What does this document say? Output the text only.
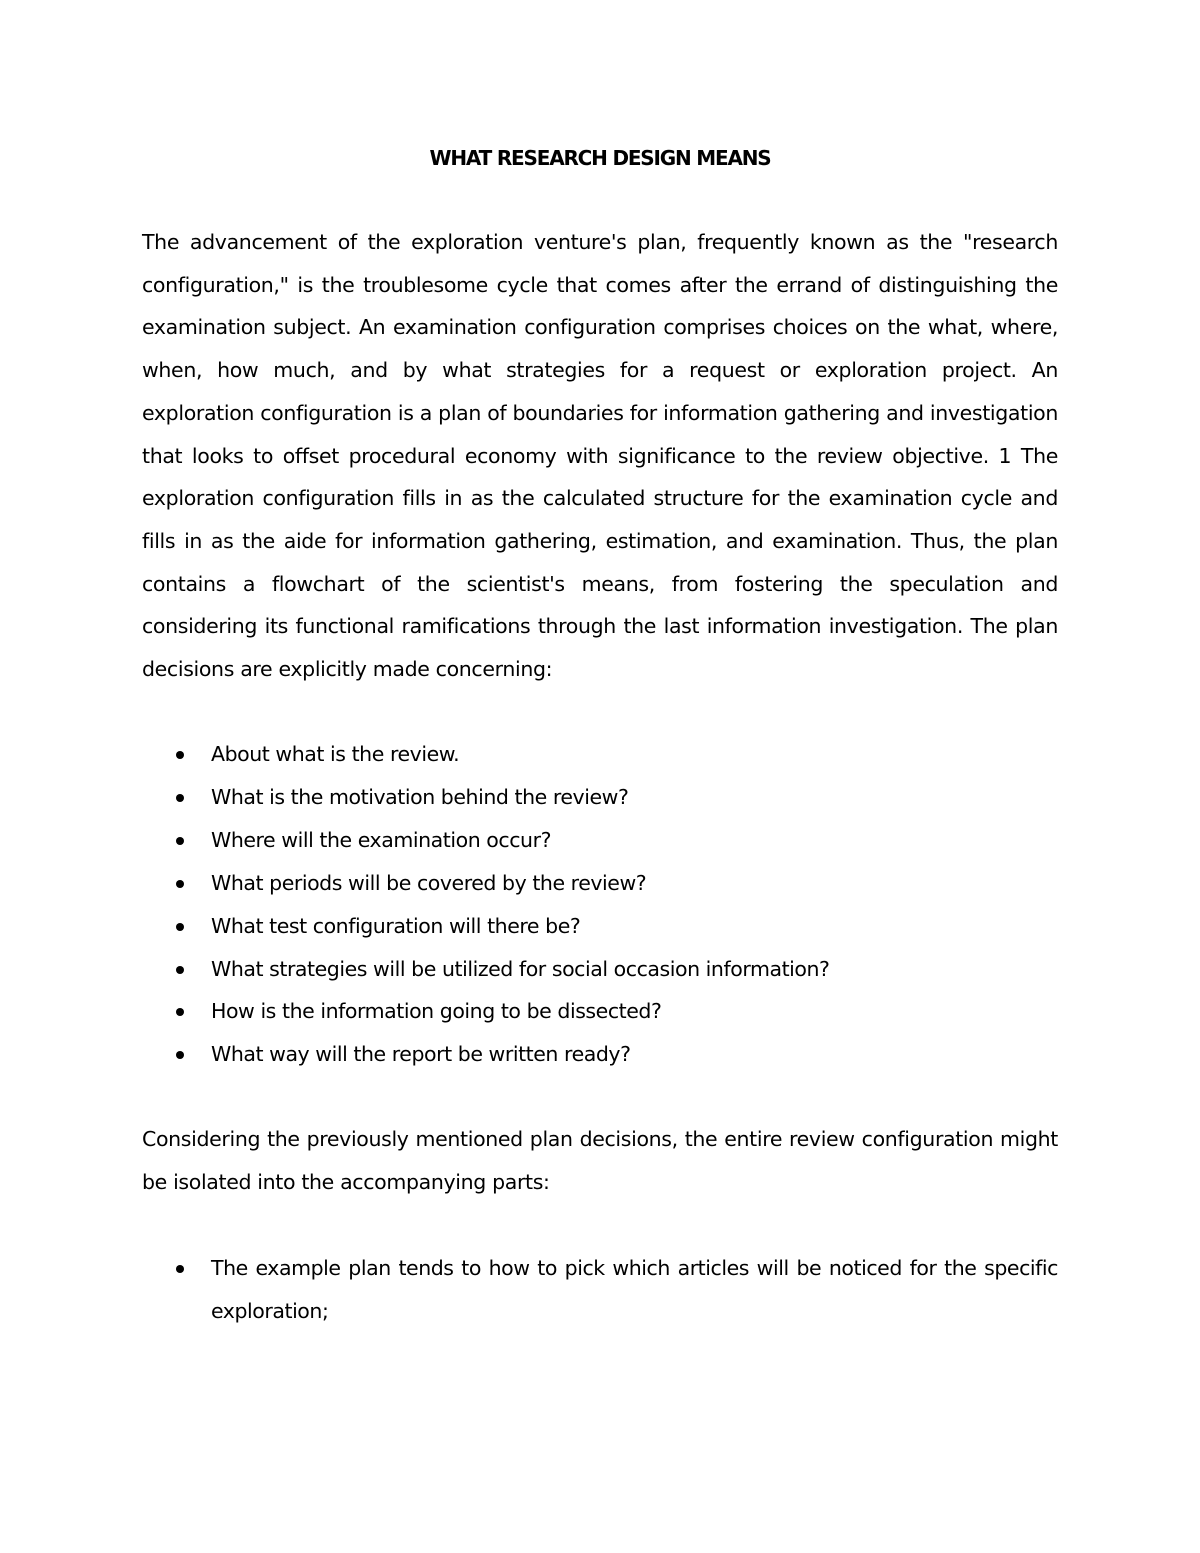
WHAT RESEARCH DESIGN MEANS

The advancement of the exploration venture's plan, frequently known as the "research configuration," is the troublesome cycle that comes after the errand of distinguishing the examination subject. An examination configuration comprises choices on the what, where, when, how much, and by what strategies for a request or exploration project. An exploration configuration is a plan of boundaries for information gathering and investigation that looks to offset procedural economy with significance to the review objective. 1 The exploration configuration fills in as the calculated structure for the examination cycle and fills in as the aide for information gathering, estimation, and examination. Thus, the plan contains a flowchart of the scientist's means, from fostering the speculation and considering its functional ramifications through the last information investigation. The plan decisions are explicitly made concerning:

About what is the review.
What is the motivation behind the review?
Where will the examination occur?
What periods will be covered by the review?
What test configuration will there be?
What strategies will be utilized for social occasion information?
How is the information going to be dissected?
What way will the report be written ready?

Considering the previously mentioned plan decisions, the entire review configuration might be isolated into the accompanying parts:

The example plan tends to how to pick which articles will be noticed for the specific exploration;
